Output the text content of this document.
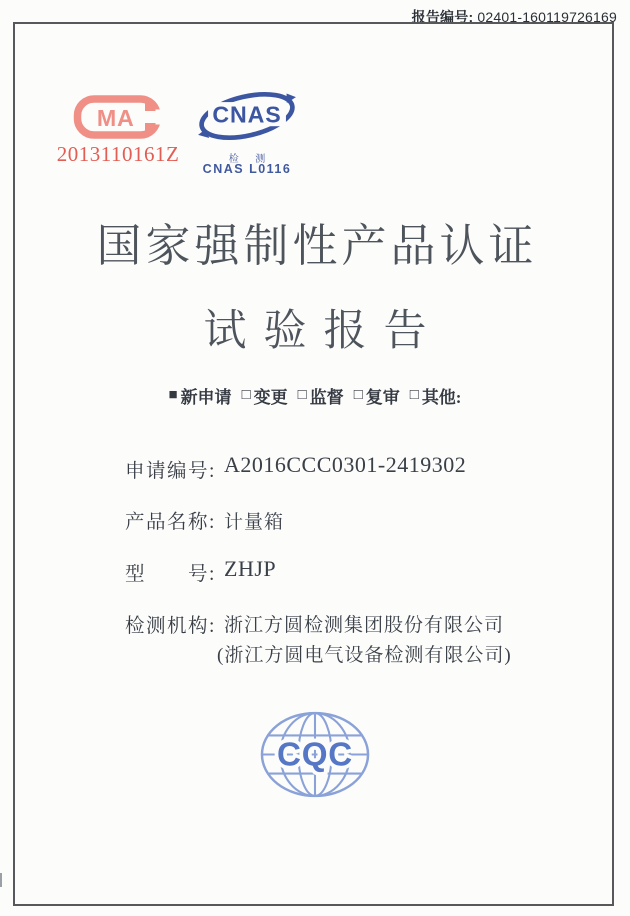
报告编号: 02401-160119726169
MA
2013110161Z
CNAS
检 测
CNAS L0116
国家强制性产品认证
试验报告
■ 新申请 □ 变更 □ 监督 □ 复审 □ 其他:
申请编号: A2016CCC0301-2419302
产品名称: 计量箱
型　　号: ZHJP
检测机构: 浙江方圆检测集团股份有限公司
(浙江方圆电气设备检测有限公司)
CQC
